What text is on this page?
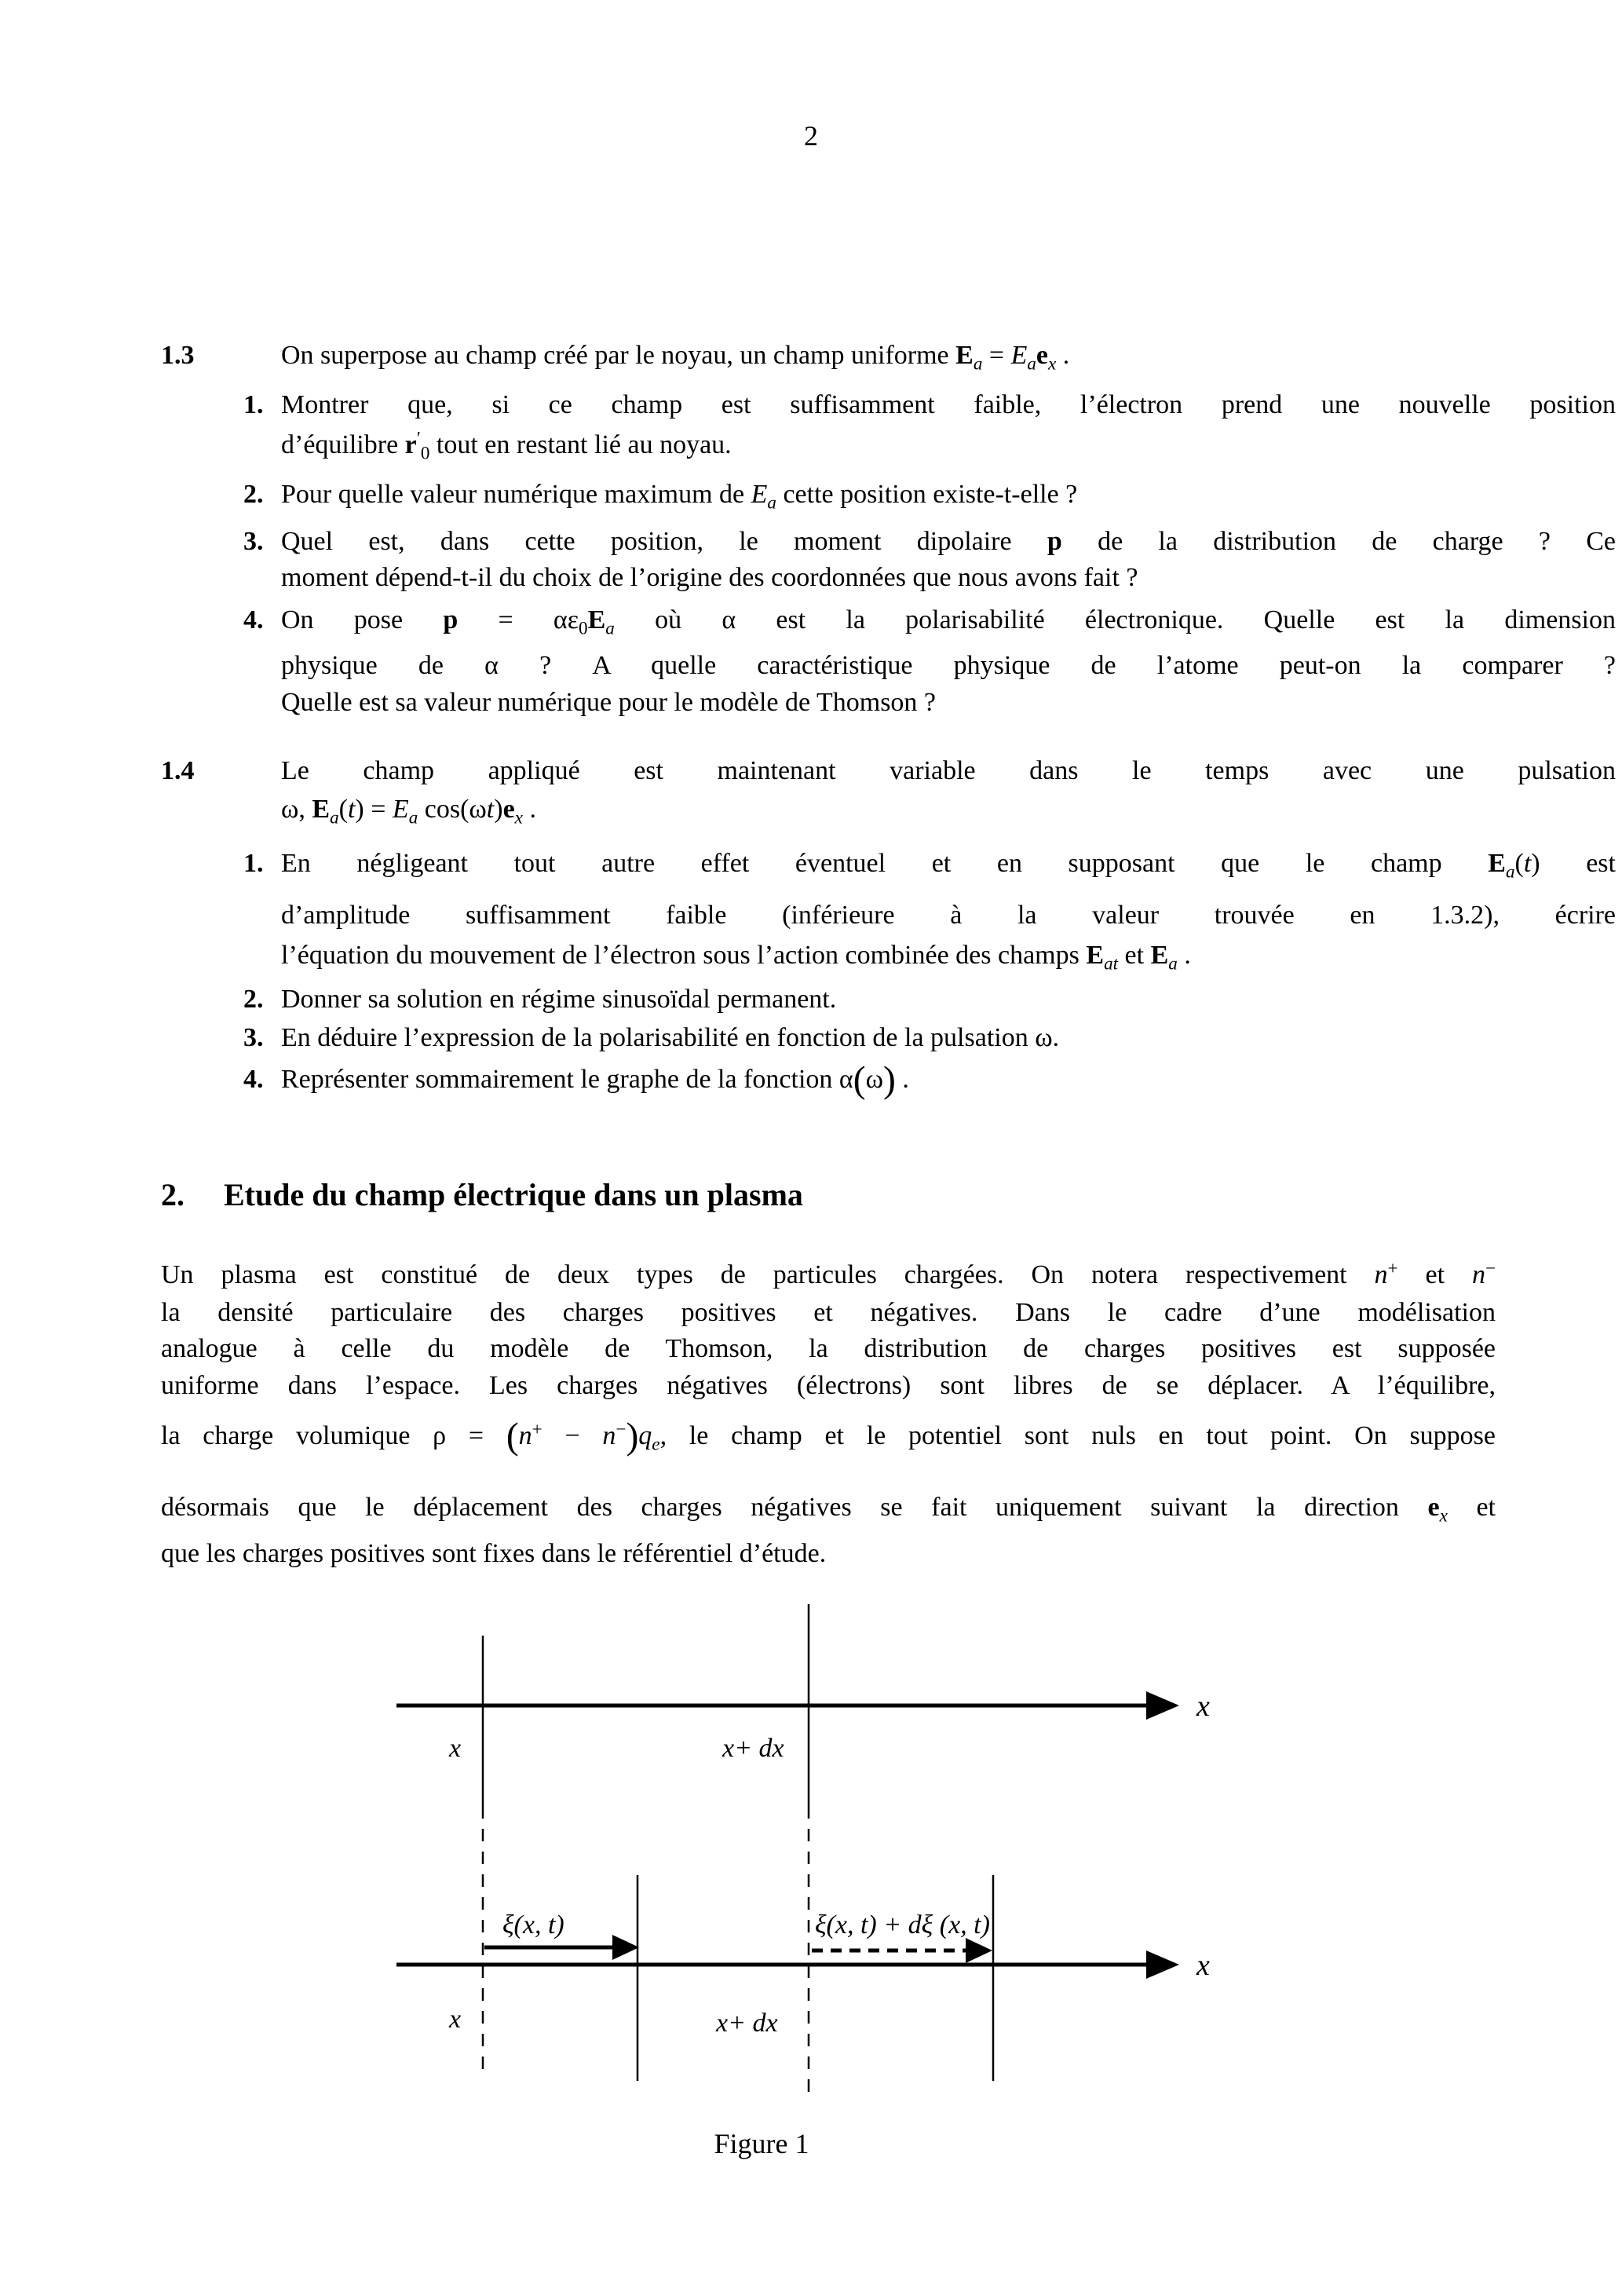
2
1.3	On superpose au champ créé par le noyau, un champ uniforme $E_a = E_ae_x$ .
1. Montrer que, si ce champ est suffisamment faible, l’électron prend une nouvelle position
d’équilibre $r'_0$ tout en restant lié au noyau.
2. Pour quelle valeur numérique maximum de $E_a$ cette position existe-t-elle ?
3. Quel est, dans cette position, le moment dipolaire p de la distribution de charge ? Ce
moment dépend-t-il du choix de l’origine des coordonnées que nous avons fait ?
4. On pose $p = \alpha\varepsilon_0E_a$ où α est la polarisabilité électronique. Quelle est la dimension
physique de α ? A quelle caractéristique physique de l’atome peut-on la comparer ?
Quelle est sa valeur numérique pour le modèle de Thomson ?
1.4	Le champ appliqué est maintenant variable dans le temps avec une pulsation
ω, $E_a(t) = E_a$ $\cos(\omega t)e_x$ .
1. En négligeant tout autre effet éventuel et en supposant que le champ $E_a(t)$ est
d’amplitude suffisamment faible (inférieure à la valeur trouvée en 1.3.2), écrire
l’équation du mouvement de l’électron sous l’action combinée des champs $E_{at}$ et $E_a$ .
2. Donner sa solution en régime sinusoïdal permanent.
3. En déduire l’expression de la polarisabilité en fonction de la pulsation ω.
4. Représenter sommairement le graphe de la fonction α(ω) .
2. Etude du champ électrique dans un plasma
Un plasma est constitué de deux types de particules chargées. On notera respectivement n+ et n−
la densité particulaire des charges positives et négatives. Dans le cadre d’une modélisation
analogue à celle du modèle de Thomson, la distribution de charges positives est supposée
uniforme dans l’espace. Les charges négatives (électrons) sont libres de se déplacer. A l’équilibre,
la charge volumique $\rho = (n^+ - n^-)q_e$, le champ et le potentiel sont nuls en tout point. On suppose
désormais que le déplacement des charges négatives se fait uniquement suivant la direction $e_x$ et
que les charges positives sont fixes dans le référentiel d’étude.
x
x	x+ dx
ξ(x, t)	ξ(x, t) + dξ (x, t)
x
x	x+ dx
Figure 1
